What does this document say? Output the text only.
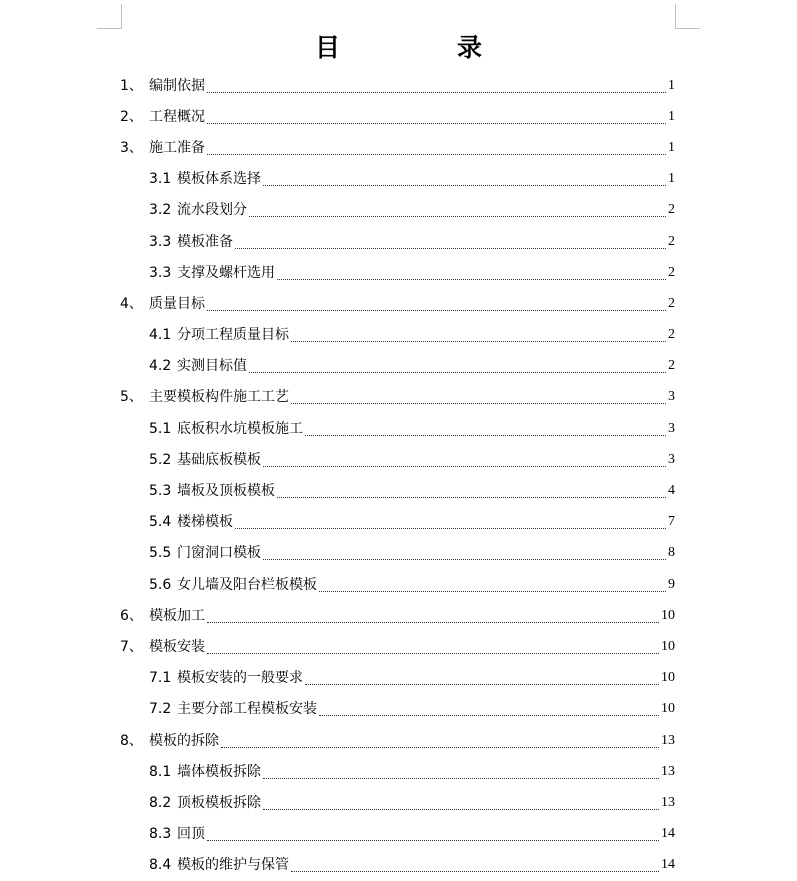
目　录
1、 编制依据	1
2、 工程概况	1
3、 施工准备	1
3.1 模板体系选择	1
3.2 流水段划分	2
3.3 模板准备	2
3.3 支撑及螺杆选用	2
4、 质量目标	2
4.1 分项工程质量目标	2
4.2 实测目标值	2
5、 主要模板构件施工工艺	3
5.1 底板积水坑模板施工	3
5.2 基础底板模板	3
5.3 墙板及顶板模板	4
5.4 楼梯模板	7
5.5 门窗洞口模板	8
5.6 女儿墙及阳台栏板模板	9
6、 模板加工	10
7、 模板安装	10
7.1 模板安装的一般要求	10
7.2 主要分部工程模板安装	10
8、 模板的拆除	13
8.1 墙体模板拆除	13
8.2 顶板模板拆除	13
8.3 回顶	14
8.4 模板的维护与保管	14
